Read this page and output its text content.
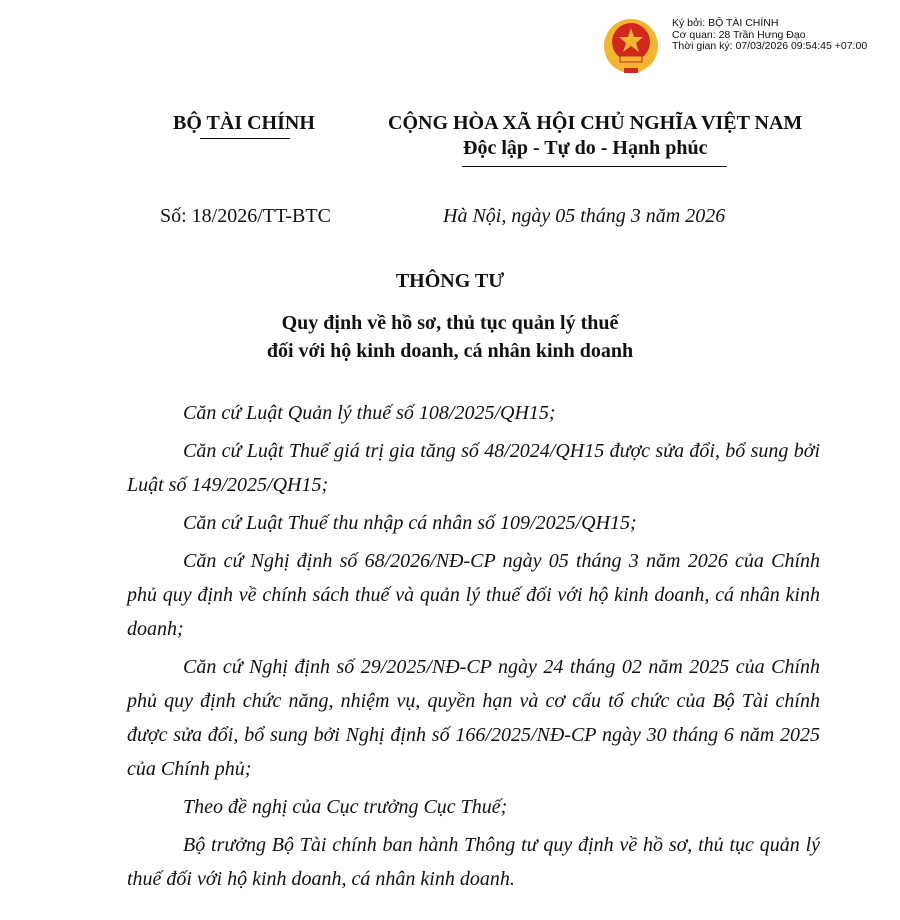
Ký bởi: BỘ TÀI CHÍNH
Cơ quan: 28 Trần Hưng Đạo
Thời gian ký: 07/03/2026 09:54:45 +07:00
BỘ TÀI CHÍNH	CỘNG HÒA XÃ HỘI CHỦ NGHĨA VIỆT NAM
Độc lập - Tự do - Hạnh phúc
Số: 18/2026/TT-BTC	Hà Nội, ngày 05 tháng 3 năm 2026
THÔNG TƯ
Quy định về hồ sơ, thủ tục quản lý thuế
đối với hộ kinh doanh, cá nhân kinh doanh

Căn cứ Luật Quản lý thuế số 108/2025/QH15;

Căn cứ Luật Thuế giá trị gia tăng số 48/2024/QH15 được sửa đổi, bổ sung bởi Luật số 149/2025/QH15;

Căn cứ Luật Thuế thu nhập cá nhân số 109/2025/QH15;

Căn cứ Nghị định số 68/2026/NĐ-CP ngày 05 tháng 3 năm 2026 của Chính phủ quy định về chính sách thuế và quản lý thuế đối với hộ kinh doanh, cá nhân kinh doanh;

Căn cứ Nghị định số 29/2025/NĐ-CP ngày 24 tháng 02 năm 2025 của Chính phủ quy định chức năng, nhiệm vụ, quyền hạn và cơ cấu tổ chức của Bộ Tài chính được sửa đổi, bổ sung bởi Nghị định số 166/2025/NĐ-CP ngày 30 tháng 6 năm 2025 của Chính phủ;

Theo đề nghị của Cục trưởng Cục Thuế;

Bộ trưởng Bộ Tài chính ban hành Thông tư quy định về hồ sơ, thủ tục quản lý thuế đối với hộ kinh doanh, cá nhân kinh doanh.
